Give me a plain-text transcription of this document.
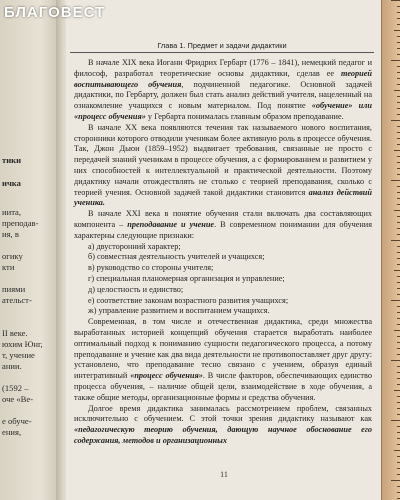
тики
ичка
иита,
преподав-
ия, в
огику
кти
пиями
ательст-
II веке.
юхим Юнг,
т, учение
ании.
(1592 –
оче «Ве-
е обуче-
ения,
Глава 1. Предмет и задачи дидактики

В начале XIX века Иоганн Фридрих Гербарт (1776 – 1841), немецкий педагог и философ, разработал теоретические основы дидактики, сделав ее теорией воспитывающего обучения, подчиненной педагогике. Основной задачей дидактики, по Гербарту, должен был стать анализ действий учителя, нацеленный на ознакомление учащихся с новым материалом. Под понятие «обучение» или «процесс обучения» у Гербарта понималась главным образом преподавание.

В начале XX века появляются течения так называемого нового воспитания, сторонники которого отводили ученикам более активную роль в процессе обучения. Так, Джон Дьюи (1859–1952) выдвигает требования, связанные не просто с передачей знаний ученикам в процессе обучения, а с формированием и развитием у них способностей к интеллектуальной и практической деятельности. Поэтому дидактику начали отождествлять не столько с теорией преподавания, сколько с теорией учения. Основной задачей такой дидактики становится анализ действий ученика.

В начале XXI века в понятие обучения стали включать два составляющих компонента – преподавание и учение. В современном понимании для обучения характерны следующие признаки:

а) двусторонний характер;

б) совместная деятельность учителей и учащихся;

в) руководство со стороны учителя;

г) специальная планомерная организация и управление;

д) целостность и единство;

е) соответствие законам возрастного развития учащихся;

ж) управление развитием и воспитанием учащихся.

Современная, в том числе и отечественная дидактика, среди множества выработанных историей концепций обучения старается выработать наиболее оптимальный подход к пониманию сущности педагогического процесса, а потому преподавание и учение как два вида деятельности не противопоставляет друг другу: установлено, что преподавание тесно связано с учением, образуя единый интегративный «процесс обучения». В числе факторов, обеспечивающих единство процесса обучения, – наличие общей цели, взаимодействие в ходе обучения, а также общие методы, организационные формы и средства обучения.

Долгое время дидактика занималась рассмотрением проблем, связанных исключительно с обучением. С этой точки зрения дидактику называют как «педагогическую теорию обучения, дающую научное обоснование его содержания, методов и организационных

11
БЛАГОВЕСТ
